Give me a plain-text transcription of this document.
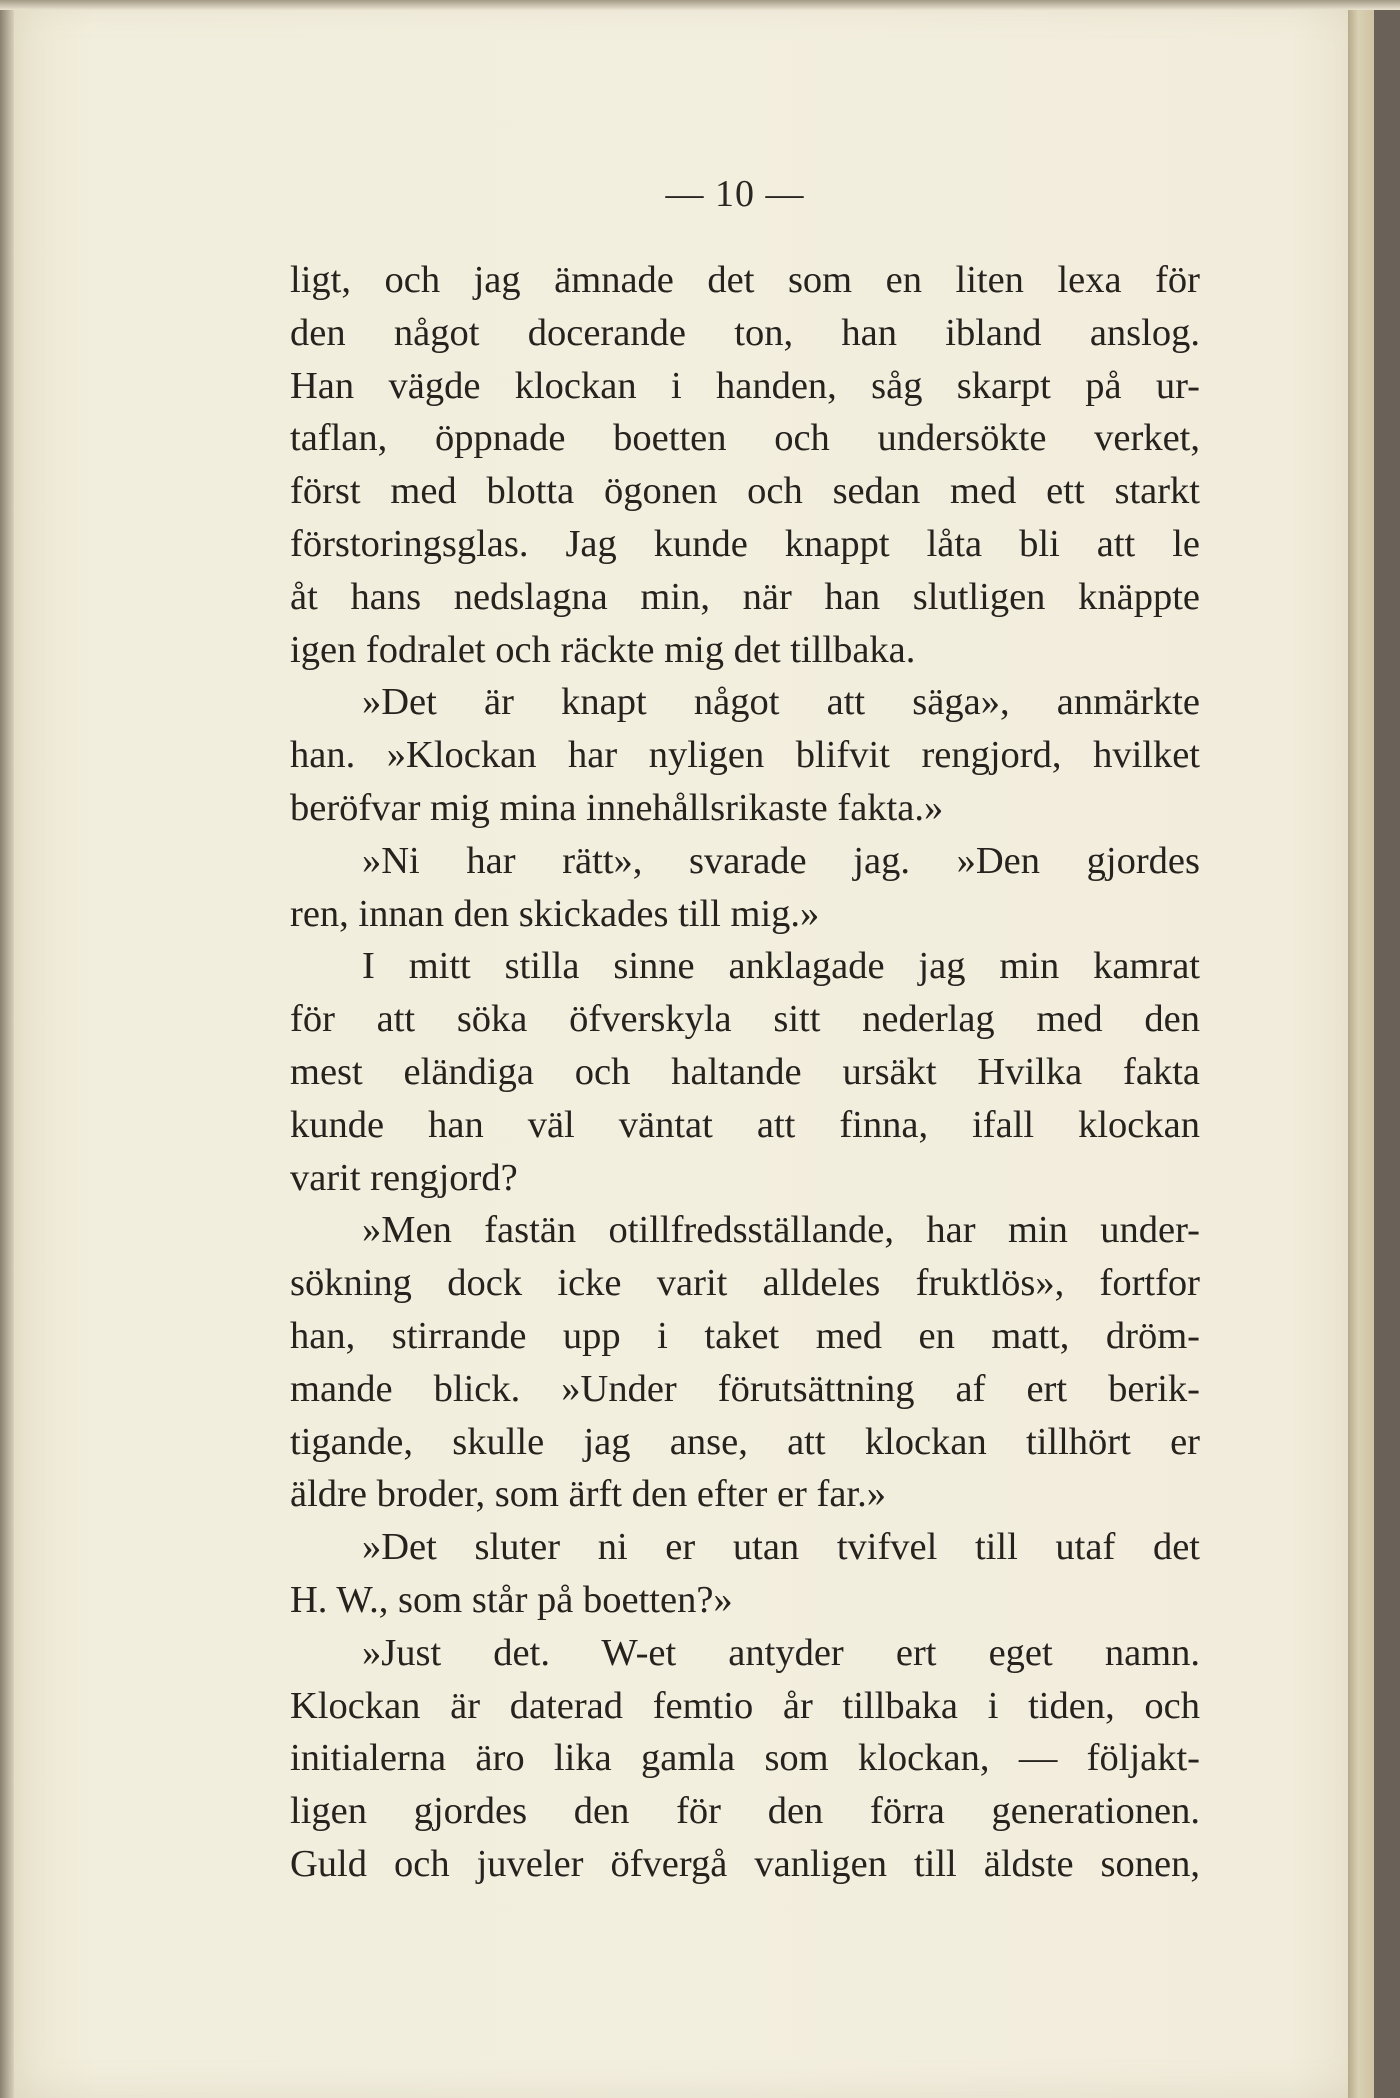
— 10 —
ligt, och jag ämnade det som en liten lexa för
den något docerande ton, han ibland anslog.
Han vägde klockan i handen, såg skarpt på ur-
taflan, öppnade boetten och undersökte verket,
först med blotta ögonen och sedan med ett starkt
förstoringsglas. Jag kunde knappt låta bli att le
åt hans nedslagna min, när han slutligen knäppte
igen fodralet och räckte mig det tillbaka.
»Det är knapt något att säga», anmärkte
han. »Klockan har nyligen blifvit rengjord, hvilket
beröfvar mig mina innehållsrikaste fakta.»
»Ni har rätt», svarade jag. »Den gjordes
ren, innan den skickades till mig.»
I mitt stilla sinne anklagade jag min kamrat
för att söka öfverskyla sitt nederlag med den
mest eländiga och haltande ursäkt Hvilka fakta
kunde han väl väntat att finna, ifall klockan
varit rengjord?
»Men fastän otillfredsställande, har min under-
sökning dock icke varit alldeles fruktlös», fortfor
han, stirrande upp i taket med en matt, dröm-
mande blick. »Under förutsättning af ert berik-
tigande, skulle jag anse, att klockan tillhört er
äldre broder, som ärft den efter er far.»
»Det sluter ni er utan tvifvel till utaf det
H. W., som står på boetten?»
»Just det. W-et antyder ert eget namn.
Klockan är daterad femtio år tillbaka i tiden, och
initialerna äro lika gamla som klockan, — följakt-
ligen gjordes den för den förra generationen.
Guld och juveler öfvergå vanligen till äldste sonen,
